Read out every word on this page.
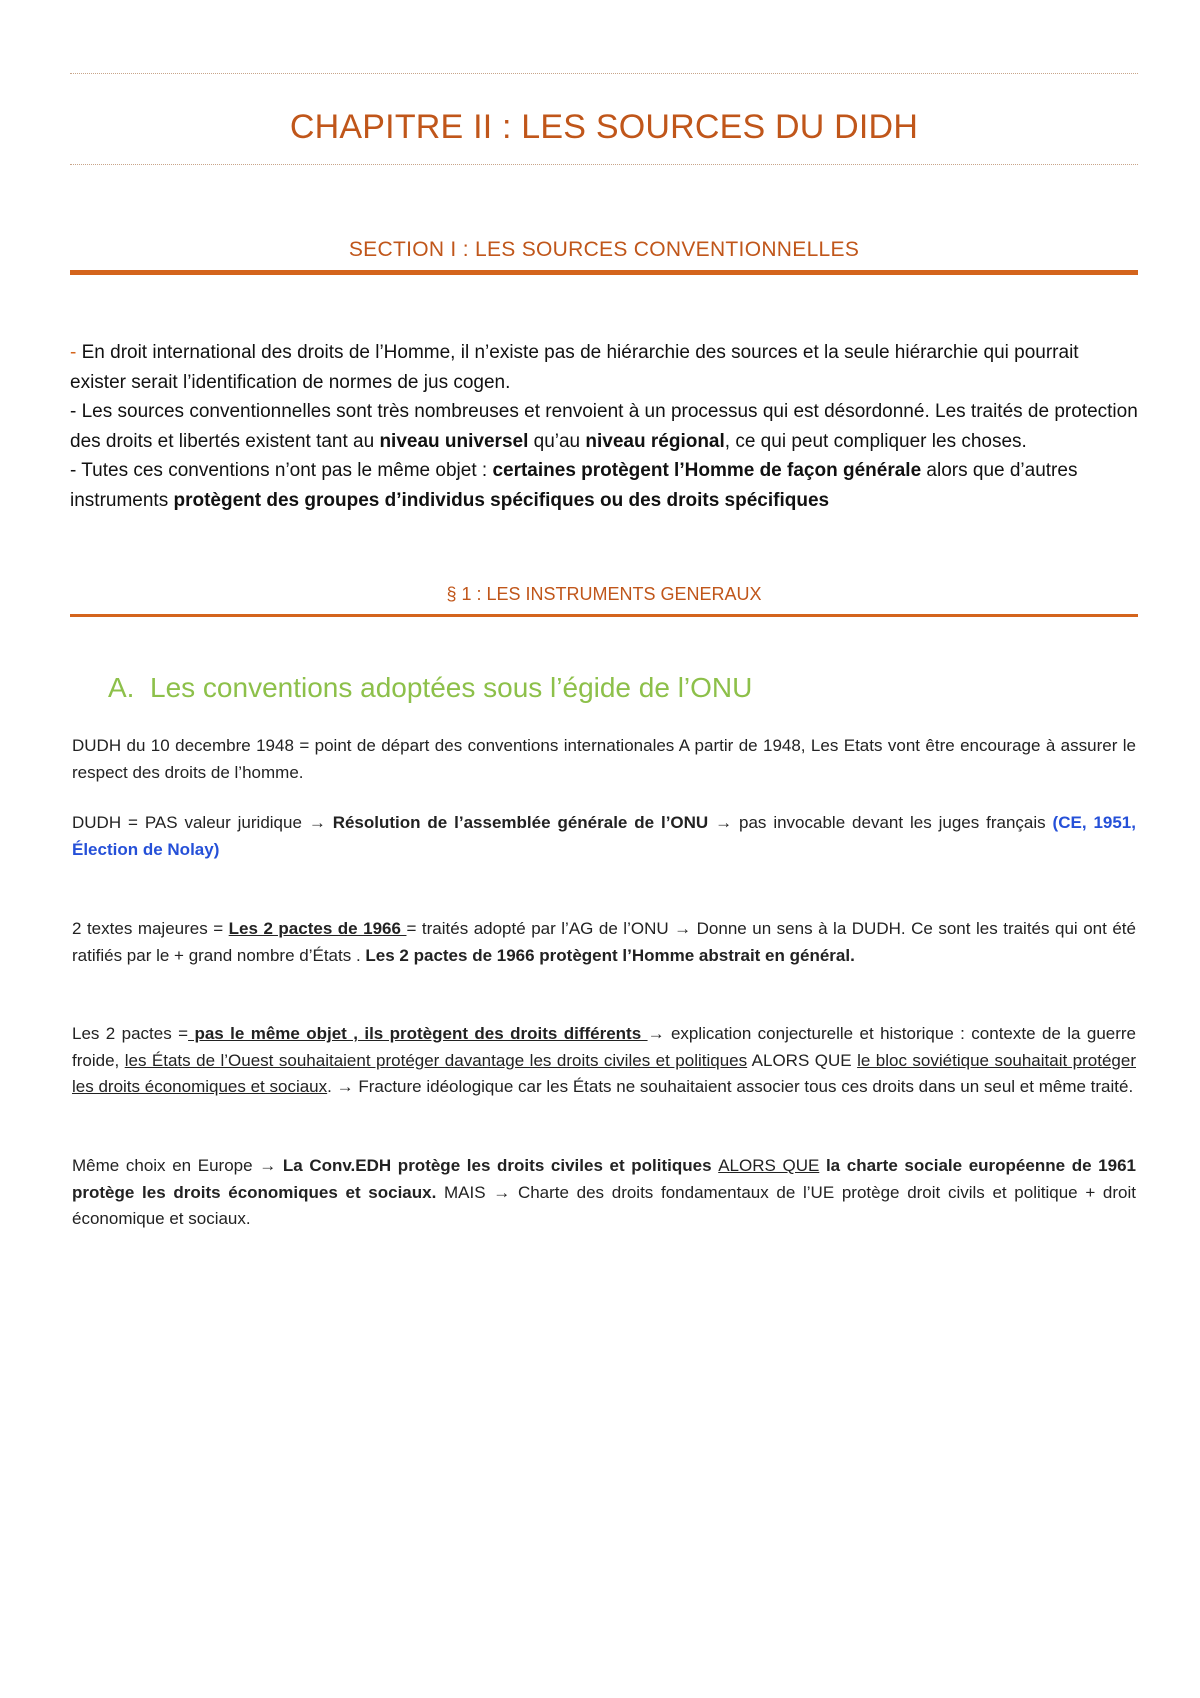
CHAPITRE II : LES SOURCES DU DIDH
SECTION I : LES SOURCES CONVENTIONNELLES

- En droit international des droits de l’Homme, il n’existe pas de hiérarchie des sources et la seule hiérarchie qui pourrait exister serait l’identification de normes de jus cogen.

- Les sources conventionnelles sont très nombreuses et renvoient à un processus qui est désordonné. Les traités de protection des droits et libertés existent tant au niveau universel qu’au niveau régional, ce qui peut compliquer les choses.

- Tutes ces conventions n’ont pas le même objet : certaines protègent l’Homme de façon générale alors que d’autres instruments protègent des groupes d’individus spécifiques ou des droits spécifiques

§ 1 : LES INSTRUMENTS GENERAUX
A. Les conventions adoptées sous l’égide de l’ONU

DUDH du 10 decembre 1948 = point de départ des conventions internationales A partir de 1948, Les Etats vont être encourage à assurer le respect des droits de l’homme.

DUDH = PAS valeur juridique → Résolution de l’assemblée générale de l’ONU → pas invocable devant les juges français (CE, 1951, Élection de Nolay)

2 textes majeures = Les 2 pactes de 1966 = traités adopté par l’AG de l’ONU → Donne un sens à la DUDH. Ce sont les traités qui ont été ratifiés par le + grand nombre d’États . Les 2 pactes de 1966 protègent l’Homme abstrait en général.

Les 2 pactes = pas le même objet , ils protègent des droits différents → explication conjecturelle et historique : contexte de la guerre froide, les États de l’Ouest souhaitaient protéger davantage les droits civiles et politiques ALORS QUE le bloc soviétique souhaitait protéger les droits économiques et sociaux. → Fracture idéologique car les États ne souhaitaient associer tous ces droits dans un seul et même traité.

Même choix en Europe → La Conv.EDH protège les droits civiles et politiques ALORS QUE la charte sociale européenne de 1961 protège les droits économiques et sociaux. MAIS → Charte des droits fondamentaux de l’UE protège droit civils et politique + droit économique et sociaux.
